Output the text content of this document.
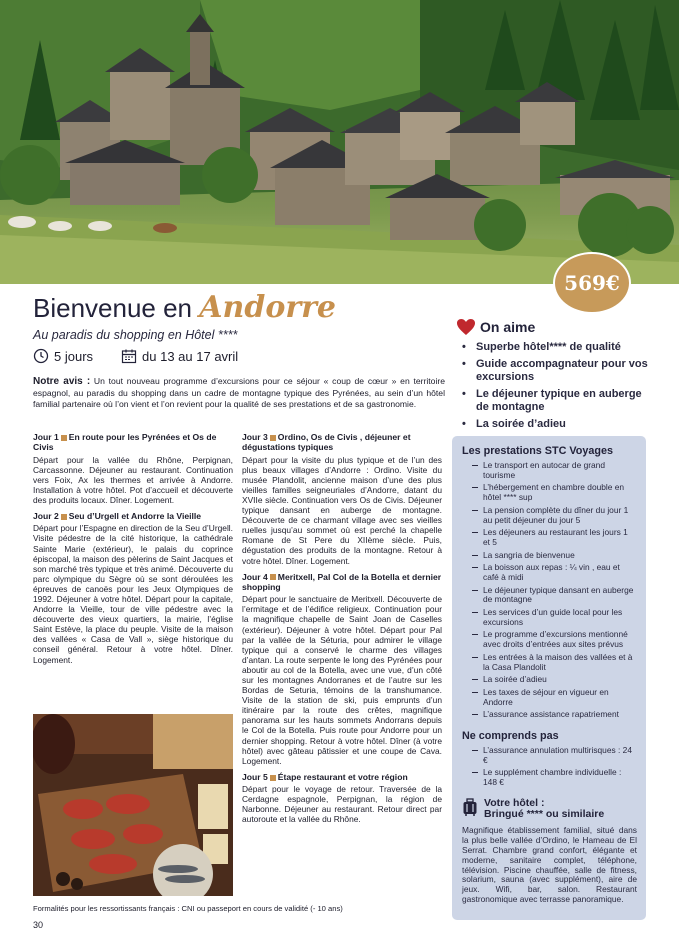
569€
Bienvenue en Andorre
Au paradis du shopping en Hôtel ****
5 jours	du 13 au 17 avril
On aime
• Superbe hôtel**** de qualité
• Guide accompagnateur pour vos excursions
• Le déjeuner typique en auberge de montagne
• La soirée d’adieu

Notre avis : Un tout nouveau programme d’excursions pour ce séjour « coup de cœur » en territoire espagnol, au paradis du shopping dans un cadre de montagne typique des Pyrénées, au sein d’un hôtel familial partenaire où l’on vient et l’on revient pour la qualité de ses prestations et de sa gastronomie.

Jour 1 En route pour les Pyrénées et Os de Civis
Départ pour la vallée du Rhône, Perpignan, Carcassonne. Déjeuner au restaurant. Continuation vers Foix, Ax les thermes et arrivée à Andorre. Installation à votre hôtel. Pot d’accueil et découverte des produits locaux. Dîner. Logement.
Jour 2 Seu d’Urgell et Andorre la Vieille
Départ pour l’Espagne en direction de la Seu d’Urgell. Visite pédestre de la cité historique, la cathédrale Sainte Marie (extérieur), le palais du coprince épiscopal, la maison des pèlerins de Saint Jacques et son marché très typique et très animé. Découverte du parc olympique du Sègre où se sont déroulées les épreuves de canoës pour les Jeux Olympiques de 1992. Déjeuner à votre hôtel. Départ pour la capitale, Andorre la Vieille, tour de ville pédestre avec la découverte des vieux quartiers, la mairie, l’église Saint Estève, la place du peuple. Visite de la maison des vallées « Casa de Vall », siège historique du conseil général. Retour à votre hôtel. Dîner. Logement.
Jour 3 Ordino, Os de Civis , déjeuner et dégustations typiques
Départ pour la visite du plus typique et de l’un des plus beaux villages d’Andorre : Ordino. Visite du musée Plandolit, ancienne maison d’une des plus vieilles familles seigneuriales d’Andorre, datant du XVIIe siècle. Continuation vers Os de Civis. Déjeuner typique dansant en auberge de montagne. Découverte de ce charmant village avec ses vieilles ruelles jusqu’au sommet où est perché la chapelle Romane de St Pere du XIIème siècle. Puis, dégustation des produits de la montagne. Retour à votre hôtel. Dîner. Logement.
Jour 4 Meritxell, Pal Col de la Botella et dernier shopping
Départ pour le sanctuaire de Meritxell. Découverte de l’ermitage et de l’édifice religieux. Continuation pour la magnifique chapelle de Saint Joan de Caselles (extérieur). Déjeuner à votre hôtel. Départ pour Pal par la vallée de la Séturia, pour admirer le village typique qui a conservé le charme des villages d’antan. La route serpente le long des Pyrénées pour aboutir au col de la Botella, avec une vue, d’un côté sur les montagnes Andorranes et de l’autre sur les Bordas de Seturia, témoins de la transhumance. Visite de la station de ski, puis emprunts d’un itinéraire par la route des crêtes, magnifique panorama sur les hauts sommets Andorrans depuis le Col de la Botella. Puis route pour Andorre pour un dernier shopping. Retour à votre hôtel. Dîner (à votre hôtel) avec gâteau pâtissier et une coupe de Cava. Logement.
Jour 5 Étape restaurant et votre région
Départ pour le voyage de retour. Traversée de la Cerdagne espagnole, Perpignan, la région de Narbonne. Déjeuner au restaurant. Retour direct par autoroute et la vallée du Rhône.
Les prestations STC Voyages
Le transport en autocar de grand tourisme
L’hébergement en chambre double en hôtel **** sup
La pension complète du dîner du jour 1 au petit déjeuner du jour 5
Les déjeuners au restaurant les jours 1 et 5
La sangria de bienvenue
La boisson aux repas : ¼ vin , eau et café à midi
Le déjeuner typique dansant en auberge de montagne
Les services d’un guide local pour les excursions
Le programme d’excursions mentionné avec droits d’entrées aux sites prévus
Les entrées à la maison des vallées et à la Casa Plandolit
La soirée d’adieu
Les taxes de séjour en vigueur en Andorre
L’assurance assistance rapatriement
Ne comprends pas
L’assurance annulation multirisques : 24 €
Le supplément chambre individuelle : 148 €
Votre hôtel :
Bringué **** ou similaire

Magnifique établissement familial, situé dans la plus belle vallée d’Ordino, le Hameau de El Serrat. Chambre grand confort, élégante et moderne, sanitaire complet, téléphone, télévision. Piscine chauffée, salle de fitness, solarium, sauna (avec supplément), aire de jeux. Wifi, bar, salon. Restaurant gastronomique avec terrasse panoramique.

Formalités pour les ressortissants français : CNI ou passeport en cours de validité (- 10 ans)
30
